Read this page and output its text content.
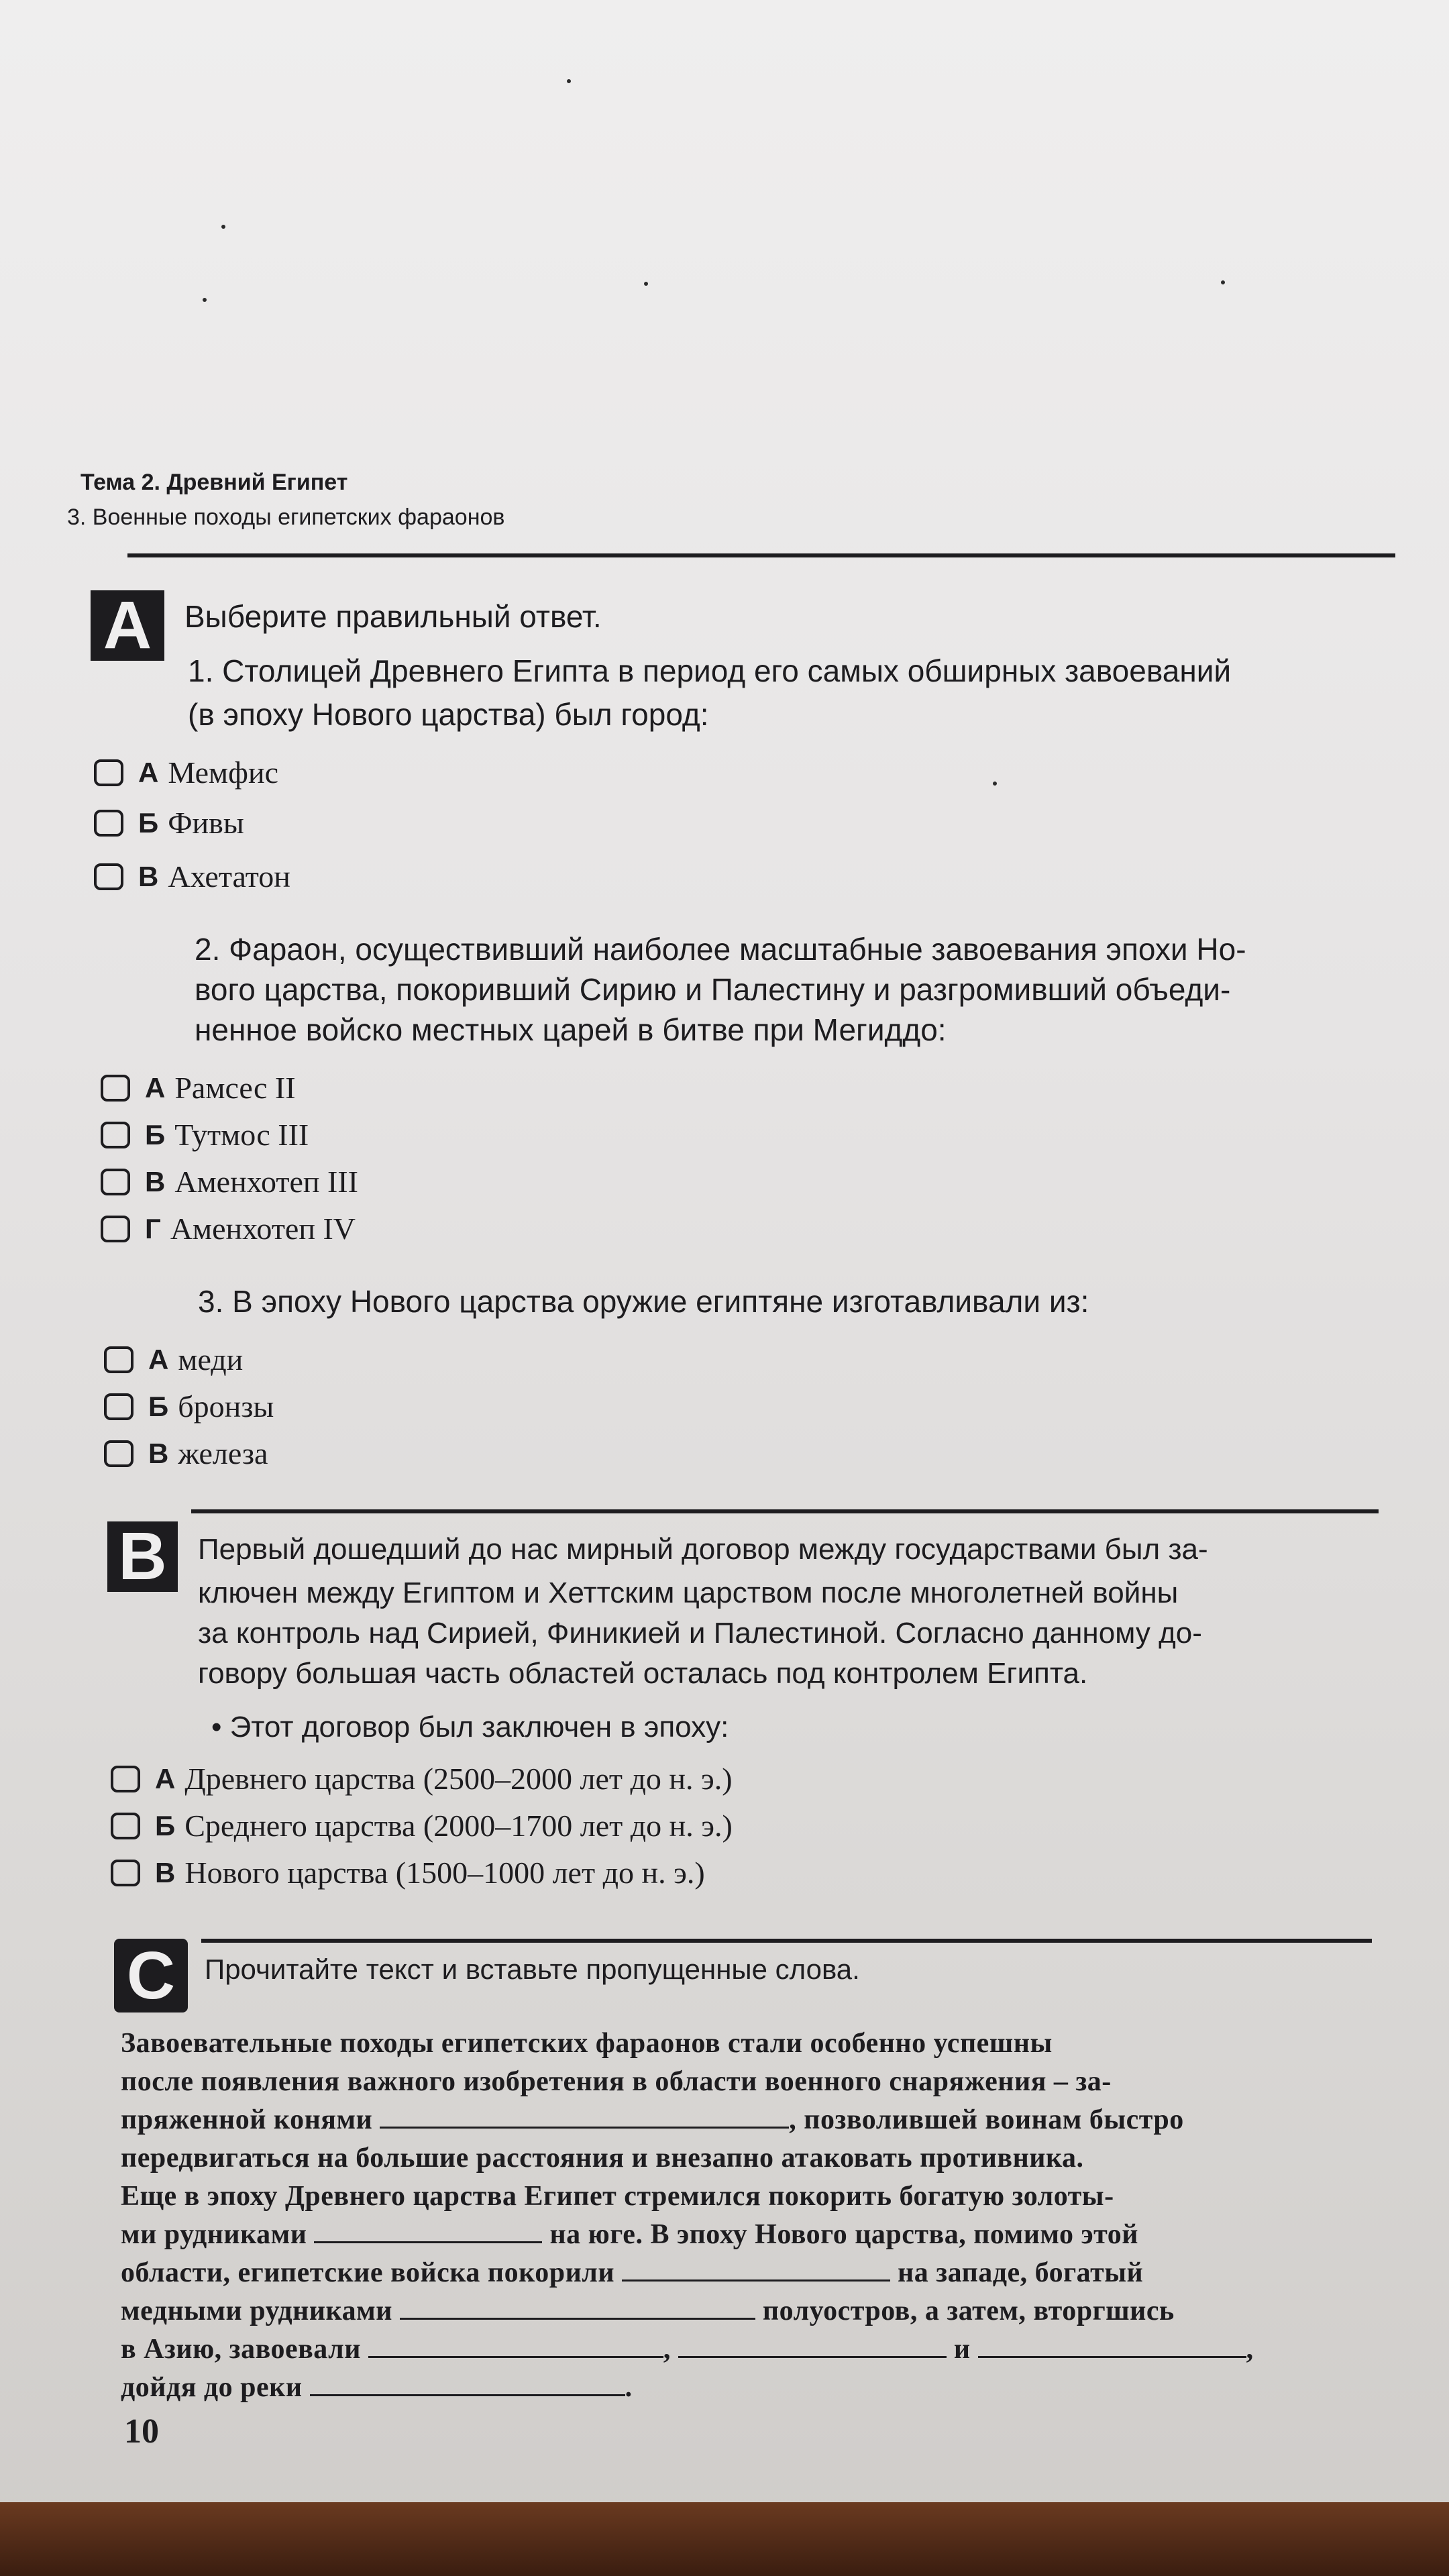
Тема 2. Древний Египет
3. Военные походы египетских фараонов
A	Выберите правильный ответ.
1. Столицей Древнего Египта в период его самых обширных завоеваний
(в эпоху Нового царства) был город:
А Мемфис
Б Фивы
В Ахетатон
2. Фараон, осуществивший наиболее масштабные завоевания эпохи Но-
вого царства, покоривший Сирию и Палестину и разгромивший объеди-
ненное войско местных царей в битве при Мегиддо:
А Рамсес II
Б Тутмос III
В Аменхотеп III
Г Аменхотеп IV
3. В эпоху Нового царства оружие египтяне изготавливали из:
А меди
Б бронзы
В железа
B	Первый дошедший до нас мирный договор между государствами был за-
ключен между Египтом и Хеттским царством после многолетней войны
за контроль над Сирией, Финикией и Палестиной. Согласно данному до-
говору большая часть областей осталась под контролем Египта.
• Этот договор был заключен в эпоху:
А Древнего царства (2500–2000 лет до н. э.)
Б Среднего царства (2000–1700 лет до н. э.)
В Нового царства (1500–1000 лет до н. э.)
C	Прочитайте текст и вставьте пропущенные слова.
Завоевательные походы египетских фараонов стали особенно успешны
после появления важного изобретения в области военного снаряжения – за-
пряженной конями	, позволившей воинам быстро
передвигаться на большие расстояния и внезапно атаковать противника.
Еще в эпоху Древнего царства Египет стремился покорить богатую золоты-
ми рудниками	на юге. В эпоху Нового царства, помимо этой
области, египетские войска покорили	на западе, богатый
медными рудниками	полуостров, а затем, вторгшись
в Азию, завоевали	,	и	,
дойдя до реки	.
10
